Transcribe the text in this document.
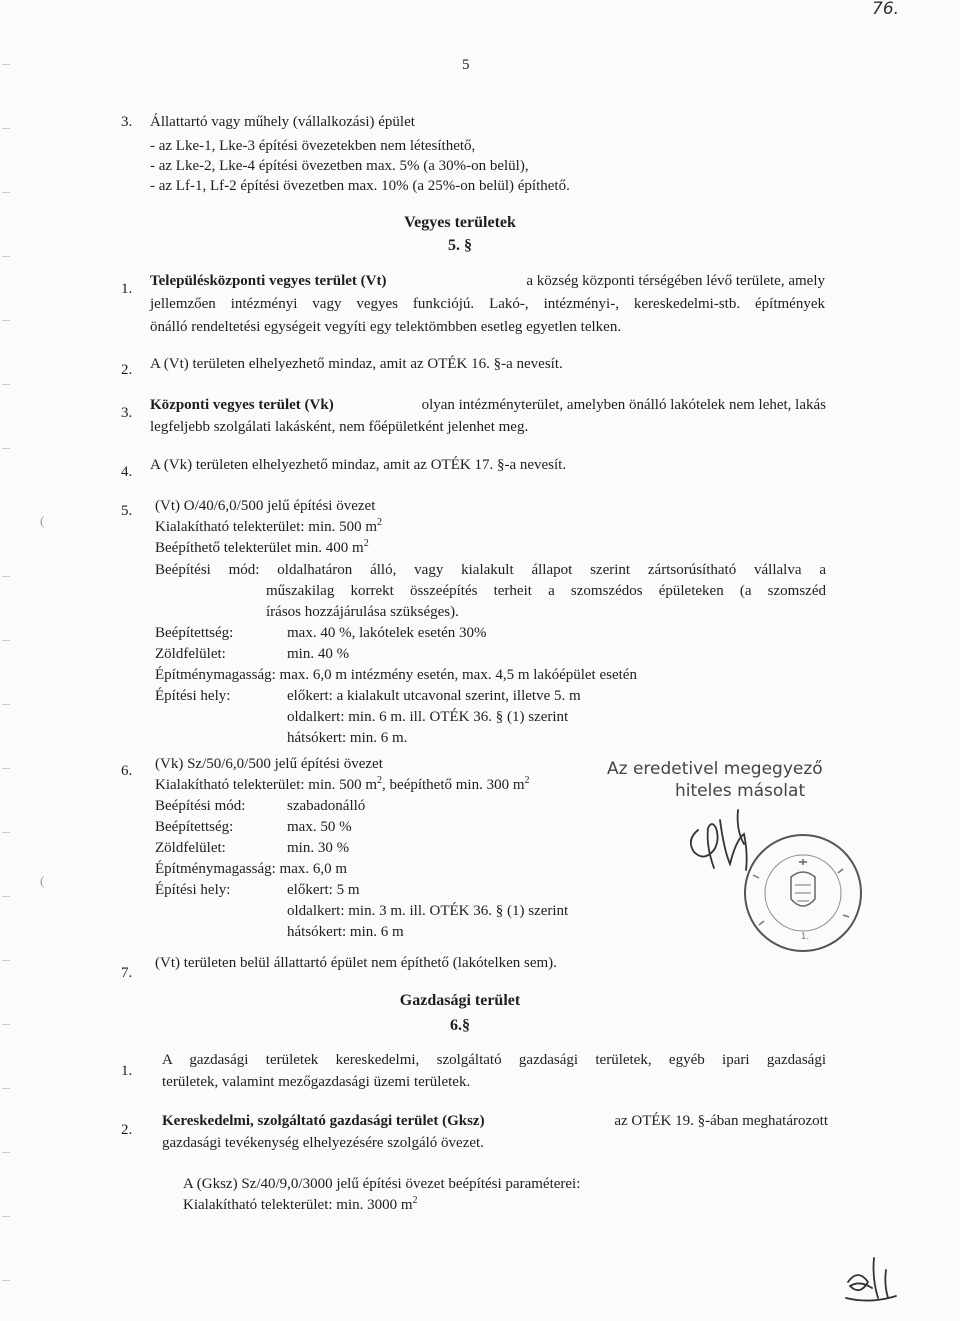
76.
5
3. Állattartó vagy műhely (vállalkozási) épület
- az Lke-1, Lke-3 építési övezetekben nem létesíthető,
- az Lke-2, Lke-4 építési övezetben max. 5% (a 30%-on belül),
- az Lf-1, Lf-2 építési övezetben max. 10% (a 25%-on belül) építhető.
Vegyes területek
5. §
1. Településközponti vegyes terület (Vt)	a község központi térségében lévő területe, amely
jellemzően intézményi vagy vegyes funkciójú. Lakó-, intézményi-, kereskedelmi-stb. építmények
önálló rendeltetési egységeit vegyíti egy telektömbben esetleg egyetlen telken.
2. A (Vt) területen elhelyezhető mindaz, amit az OTÉK 16. §-a nevesít.
3. Központi vegyes terület (Vk)	olyan intézményterület, amelyben önálló lakótelek nem lehet, lakás
legfeljebb szolgálati lakásként, nem főépületként jelenhet meg.
4. A (Vk) területen elhelyezhető mindaz, amit az OTÉK 17. §-a nevesít.
5. (Vt) O/40/6,0/500 jelű építési övezet
Kialakítható telekterület: min. 500 $m^2$
Beépíthető telekterület min. 400 $m^2$
Beépítési mód: oldalhatáron álló, vagy kialakult állapot szerint zártsorúsítható vállalva a
műszakilag korrekt összeépítés terheit a szomszédos épületeken (a szomszéd
írásos hozzájárulása szükséges).
Beépítettség:	max. 40 %, lakótelek esetén 30%
Zöldfelület:	min. 40 %
Építménymagasság: max. 6,0 m intézmény esetén, max. 4,5 m lakóépület esetén
Építési hely:	előkert: a kialakult utcavonal szerint, illetve 5. m
oldalkert: min. 6 m. ill. OTÉK 36. § (1) szerint
hátsókert: min. 6 m.
(
(
6. (Vk) Sz/50/6,0/500 jelű építési övezet
Kialakítható telekterület: min. 500 $m^2$, beépíthető min. 300 $m^2$
Beépítési mód:	szabadonálló
Beépítettség:	max. 50 %
Zöldfelület:	min. 30 %
Építménymagasság: max. 6,0 m
Építési hely:	előkert: 5 m
oldalkert: min. 3 m. ill. OTÉK 36. § (1) szerint
hátsókert: min. 6 m
Az eredetivel megegyező
hiteles másolat
1.
7.
(Vt) területen belül állattartó épület nem építhető (lakótelken sem).
Gazdasági terület
6.§
1.
A gazdasági területek kereskedelmi, szolgáltató gazdasági területek, egyéb ipari gazdasági
területek, valamint mezőgazdasági üzemi területek.
2.
Kereskedelmi, szolgáltató gazdasági terület (Gksz)	az OTÉK 19. §-ában meghatározott
gazdasági tevékenység elhelyezésére szolgáló övezet.
A (Gksz) Sz/40/9,0/3000 jelű építési övezet beépítési paraméterei:
Kialakítható telekterület: min. 3000 $m^2$
